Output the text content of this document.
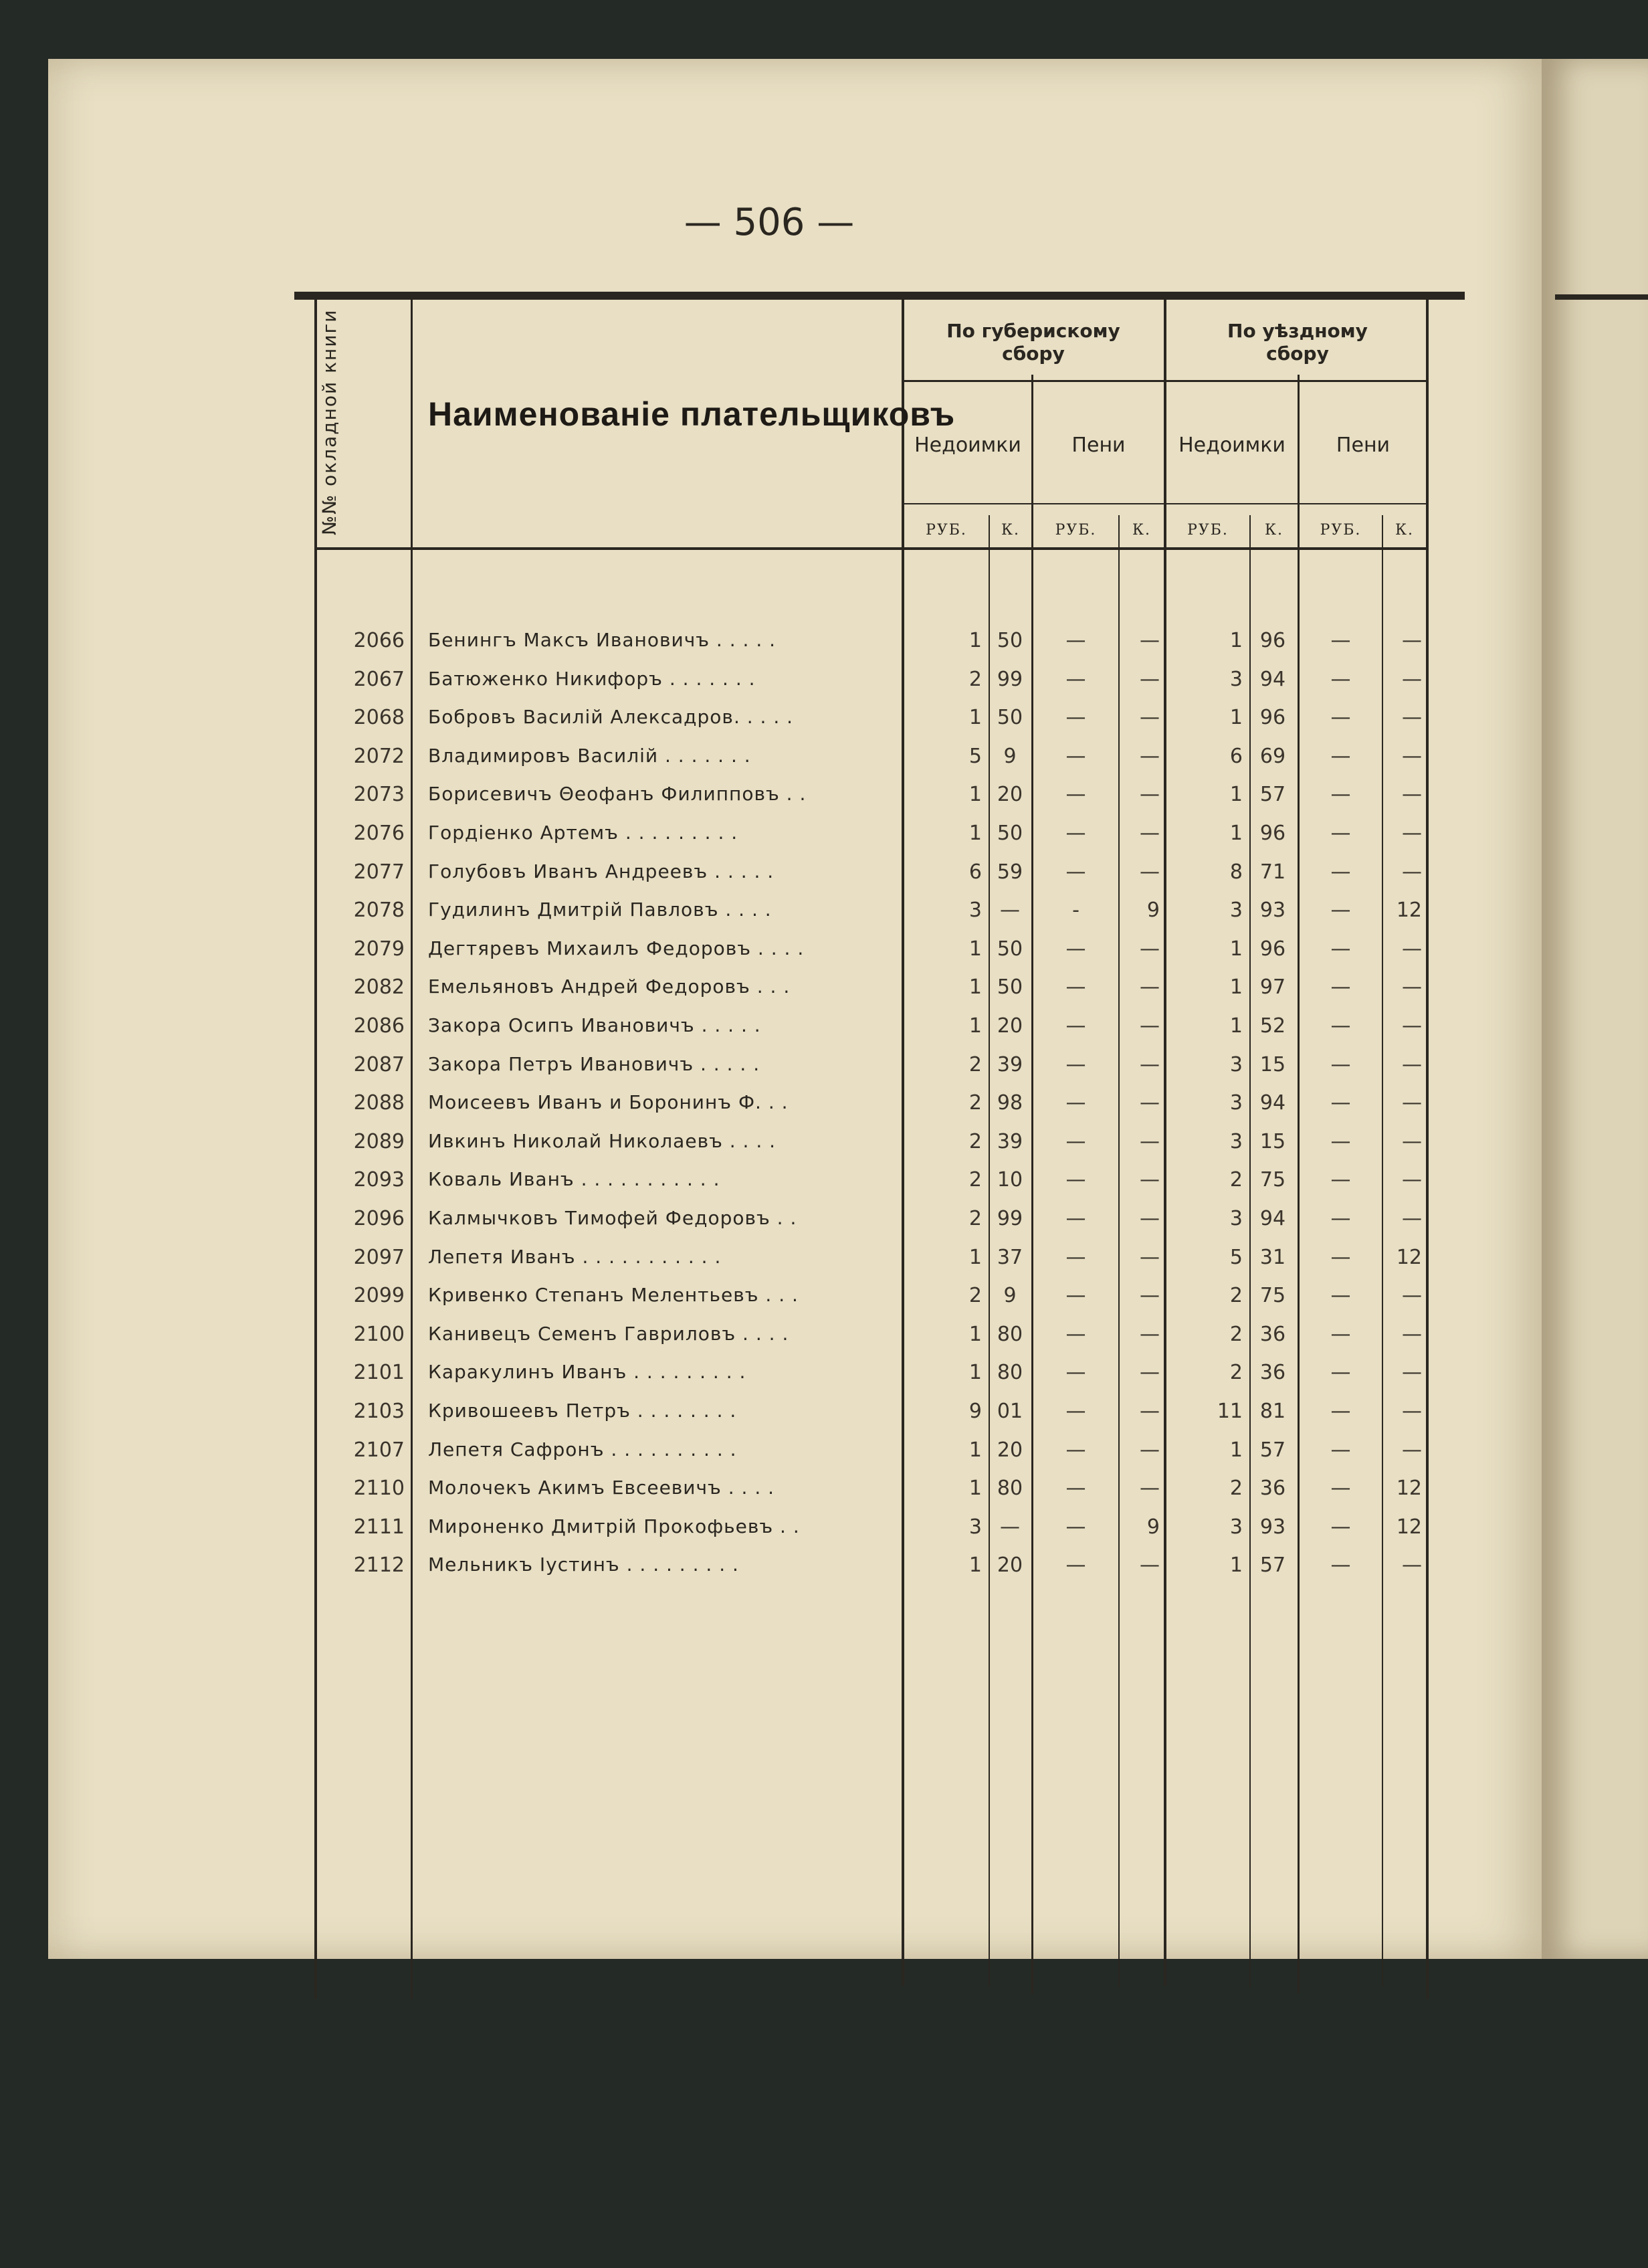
— 506 —
№№ окладной книги	Наименованіе плательщиковъ
По губерискому сбору
По уѣздному сбору
Недоимки	Пени	Недоимки	Пени
РУБ.	К.	РУБ.	К.	РУБ.	К.	РУБ.	К.
2066 Бенингъ Максъ Ивановичъ . . . . .	1 50	—	—	1 96	—	—
2067 Батюженко Никифоръ . . . . . . .	2 99	—	—	3 94	—	—
2068 Бобровъ Василій Алексадров. . . . .	1 50	—	—	1 96	—	—
2072 Владимировъ Василій . . . . . . .	5	9	—	—	6 69	—	—
2073 Борисевичъ Θеофанъ Филипповъ . .	1 20	—	—	1 57	—	—
2076 Гордіенко Артемъ . . . . . . . . .	1 50	—	—	1 96	—	—
2077 Голубовъ Иванъ Андреевъ . . . . .	6 59	—	—	8 71	—	—
2078 Гудилинъ Дмитрій Павловъ . . . .	3 —	-	9	3 93	—	12
2079 Дегтяревъ Михаилъ Федоровъ . . . .	1 50	—	—	1 96	—	—
2082 Емельяновъ Андрей Федоровъ . . .	1 50	—	—	1 97	—	—
2086 Закора Осипъ Ивановичъ . . . . .	1 20	—	—	1 52	—	—
2087 Закора Петръ Ивановичъ . . . . .	2 39	—	—	3 15	—	—
2088 Моисеевъ Иванъ и Боронинъ Ф. . .	2 98	—	—	3 94	—	—
2089 Ивкинъ Николай Николаевъ . . . .	2 39	—	—	3 15	—	—
2093 Коваль Иванъ . . . . . . . . . . .	2 10	—	—	2 75	—	—
2096 Калмычковъ Тимофей Федоровъ . .	2 99	—	—	3 94	—	—
2097 Лепетя Иванъ . . . . . . . . . . .	1 37	—	—	5 31	—	12
2099 Кривенко Степанъ Мелентьевъ . . .	2	9	—	—	2 75	—	—
2100 Канивецъ Семенъ Гавриловъ . . . .	1 80	—	—	2 36	—	—
2101 Каракулинъ Иванъ . . . . . . . . .	1 80	—	—	2 36	—	—
2103 Кривошеевъ Петръ . . . . . . . .	9 01	—	—	11 81	—	—
2107 Лепетя Сафронъ . . . . . . . . . .	1 20	—	—	1 57	—	—
2110 Молочекъ Акимъ Евсеевичъ . . . .	1 80	—	—	2 36	—	12
2111 Мироненко Дмитрій Прокофьевъ . .	3 —	—	9	3 93	—	12
2112 Мельникъ Іустинъ . . . . . . . . .	1 20	—	—	1 57	—	—
